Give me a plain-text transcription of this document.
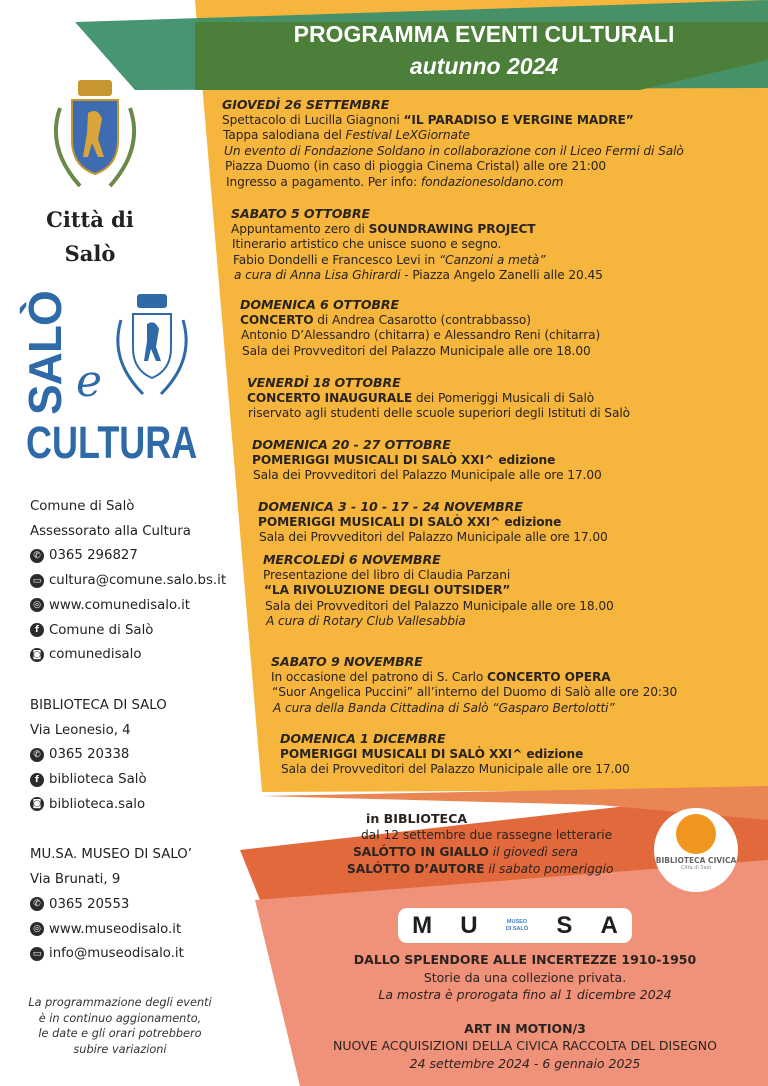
PROGRAMMA EVENTI CULTURALI
autunno 2024
Città di
Salò
SALÒ e
CULTURA
Comune di Salò
Assessorato alla Cultura
✆ 0365 296827
▭ cultura@comune.salo.bs.it
◎ www.comunedisalo.it
f Comune di Salò
◙ comunedisalo
BIBLIOTECA DI SALO
Via Leonesio, 4
✆ 0365 20338
f biblioteca Salò
◙ biblioteca.salo
MU.SA. MUSEO DI SALO’
Via Brunati, 9
✆ 0365 20553
◎ www.museodisalo.it
▭ info@museodisalo.it
La programmazione degli eventi
è in continuo aggionamento,
le date e gli orari potrebbero
subire variazioni
GIOVEDÌ 26 SETTEMBRE
Spettacolo di Lucilla Giagnoni “IL PARADISO E VERGINE MADRE”
Tappa salodiana del Festival LeXGiornate
Un evento di Fondazione Soldano in collaborazione con il Liceo Fermi di Salò
Piazza Duomo (in caso di pioggia Cinema Cristal) alle ore 21:00
Ingresso a pagamento. Per info: fondazionesoldano.com
SABATO 5 OTTOBRE
Appuntamento zero di SOUNDRAWING PROJECT
Itinerario artistico che unisce suono e segno.
Fabio Dondelli e Francesco Levi in “Canzoni a metà”
a cura di Anna Lisa Ghirardi - Piazza Angelo Zanelli alle 20.45
DOMENICA 6 OTTOBRE
CONCERTO di Andrea Casarotto (contrabbasso)
Antonio D’Alessandro (chitarra) e Alessandro Reni (chitarra)
Sala dei Provveditori del Palazzo Municipale alle ore 18.00
VENERDÌ 18 OTTOBRE
CONCERTO INAUGURALE dei Pomeriggi Musicali di Salò
riservato agli studenti delle scuole superiori degli Istituti di Salò
DOMENICA 20 - 27 OTTOBRE
POMERIGGI MUSICALI DI SALÒ XXI^ edizione
Sala dei Provveditori del Palazzo Municipale alle ore 17.00
DOMENICA 3 - 10 - 17 - 24 NOVEMBRE
POMERIGGI MUSICALI DI SALÒ XXI^ edizione
Sala dei Provveditori del Palazzo Municipale alle ore 17.00
MERCOLEDÌ 6 NOVEMBRE
Presentazione del libro di Claudia Parzani
“LA RIVOLUZIONE DEGLI OUTSIDER”
Sala dei Provveditori del Palazzo Municipale alle ore 18.00
A cura di Rotary Club Vallesabbia
SABATO 9 NOVEMBRE
In occasione del patrono di S. Carlo CONCERTO OPERA
“Suor Angelica Puccini” all’interno del Duomo di Salò alle ore 20:30
A cura della Banda Cittadina di Salò “Gasparo Bertolotti”
DOMENICA 1 DICEMBRE
POMERIGGI MUSICALI DI SALÒ XXI^ edizione
Sala dei Provveditori del Palazzo Municipale alle ore 17.00
in BIBLIOTECA
dal 12 settembre due rassegne letterarie
SALÓTTO IN GIALLO il giovedì sera
SALÓTTO D’AUTORE il sabato pomeriggio
BIBLIOTECA CIVICA
Città di Salò
M U	MUSEO
DI SALÒ S A
DALLO SPLENDORE ALLE INCERTEZZE 1910-1950
Storie da una collezione privata.
La mostra è prorogata fino al 1 dicembre 2024
ART IN MOTION/3
NUOVE ACQUISIZIONI DELLA CIVICA RACCOLTA DEL DISEGNO
24 settembre 2024 - 6 gennaio 2025
